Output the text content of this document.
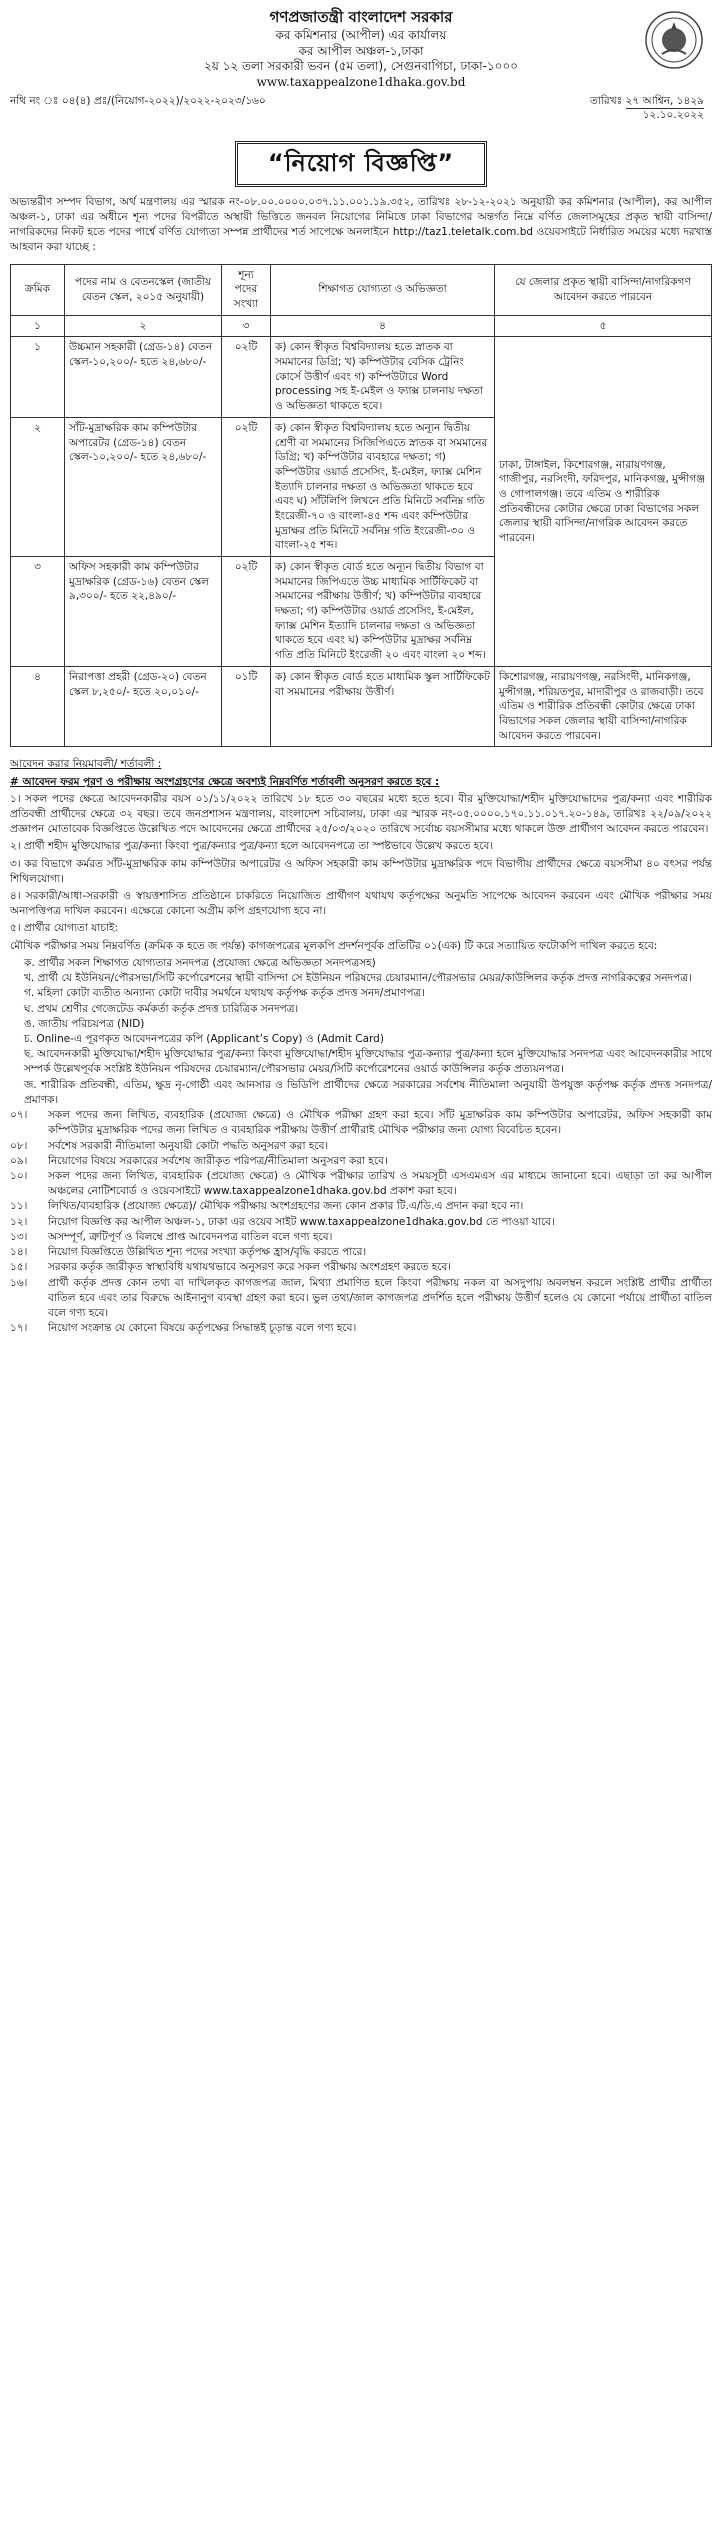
গণপ্রজাতন্ত্রী বাংলাদেশ সরকার
কর কমিশনার (আপীল) এর কার্যালয়
কর আপীল অঞ্চল-১,ঢাকা
২য় ১২ তলা সরকারী ভবন (৫ম তলা), সেগুনবাগিচা, ঢাকা-১০০০
www.taxappealzone1dhaka.gov.bd
নথি নং ঃ ০৪(৪) প্রঃ/(নিয়োগ-২০২২)/২০২২-২০২৩/১৬০	তারিখঃ ২৭ আশ্বিন, ১৪২৯
১২.১০.২০২২
“নিয়োগ বিজ্ঞপ্তি”

অভ্যন্তরীণ সম্পদ বিভাগ, অর্থ মন্ত্রণালয় এর স্মারক নং-০৮.০০.০০০০.০৩৭.১১.০০১.১৯.৩৫২, তারিখঃ ২৮-১২-২০২১ অনুযায়ী কর কমিশনার (আপীল), কর আপীল অঞ্চল-১, ঢাকা এর অধীনে শূন্য পদের বিপরীতে অস্থায়ী ভিত্তিতে জনবল নিয়োগের নিমিত্তে ঢাকা বিভাগের অন্তর্গত নিম্নে বর্ণিত জেলাসমূহের প্রকৃত স্থায়ী বাসিন্দা/নাগরিকদের নিকট হতে পদের পার্শ্বে বর্ণিত যোগ্যতা সম্পন্ন প্রার্থীদের শর্ত সাপেক্ষে অনলাইনে http://taz1.teletalk.com.bd ওয়েবসাইটে নির্ধারিত সময়ের মধ্যে দরখাস্ত আহবান করা যাচ্ছে :

ক্রমিক	পদের নাম ও বেতনস্কেল (জাতীয় বেতন স্কেল, ২০১৫ অনুযায়ী)	শূন্য পদের সংখ্যা	শিক্ষাগত যোগ্যতা ও অভিজ্ঞতা	যে জেলার প্রকৃত স্থায়ী বাসিন্দা/নাগরিকগণ আবেদন করতে পারবেন
১	২	৩	৪	৫
১	উচ্চমান সহকারী (গ্রেড-১৪) বেতন স্কেল-১০,২০০/- হতে ২৪,৬৮০/-	০২টি	ক) কোন স্বীকৃত বিশ্ববিদ্যালয় হতে স্নাতক বা সমমানের ডিগ্রি; খ) কম্পিউটার বেসিক ট্রেনিং কোর্সে উত্তীর্ণ এবং গ) কম্পিউটারে Word processing সহ ই-মেইল ও ফ্যাক্স চালনায় দক্ষতা ও অভিজ্ঞতা থাকতে হবে।	ঢাকা, টাঙ্গাইল, কিশোরগঞ্জ, নারায়ণগঞ্জ, গাজীপুর, নরসিংদী, ফরিদপুর, মানিকগঞ্জ, মুন্সীগঞ্জ ও গোপালগঞ্জ। তবে এতিম ও শারীরিক প্রতিবন্ধীদের কোটার ক্ষেত্রে ঢাকা বিভাগের সকল জেলার স্থায়ী বাসিন্দা/নাগরিক আবেদন করতে পারবেন।
২	সাঁট-মুদ্রাক্ষরিক কাম কম্পিউটার অপারেটর (গ্রেড-১৪) বেতন স্কেল-১০,২০০/- হতে ২৪,৬৮০/-	০২টি	ক) কোন স্বীকৃত বিশ্ববিদ্যালয় হতে অন্যূন দ্বিতীয় শ্রেণী বা সমমানের সিজিপিএতে স্নাতক বা সমমানের ডিগ্রি; খ) কম্পিউটার ব্যবহারে দক্ষতা; গ) কম্পিউটার ওয়ার্ড প্রসেসিং, ই-মেইল, ফ্যাক্স মেশিন ইত্যাদি চালনার দক্ষতা ও অভিজ্ঞতা থাকতে হবে এবং ঘ) সাঁটলিপি লিখনে প্রতি মিনিটে সর্বনিম্ন গতি ইংরেজী-৭০ ও বাংলা-৪৫ শব্দ এবং কম্পিউটার মুদ্রাক্ষর প্রতি মিনিটে সর্বনিম্ন গতি ইংরেজী-৩০ ও বাংলা-২৫ শব্দ।	
৩	অফিস সহকারী কাম কম্পিউটার মুদ্রাক্ষরিক (গ্রেড-১৬) বেতন স্কেল ৯,৩০০/- হতে ২২,৪৯০/-	০২টি	ক) কোন স্বীকৃত বোর্ড হতে অন্যূন দ্বিতীয় বিভাগ বা সমমানের জিপিএতে উচ্চ মাধ্যমিক সার্টিফিকেট বা সমমানের পরীক্ষায় উত্তীর্ণ; খ) কম্পিউটার ব্যবহারে দক্ষতা; গ) কম্পিউটার ওয়ার্ড প্রসেসিং, ই-মেইল, ফ্যাক্স মেশিন ইত্যাদি চালনার দক্ষতা ও অভিজ্ঞতা থাকতে হবে এবং ঘ) কম্পিউটার মুদ্রাক্ষর সর্বনিম্ন গতি প্রতি মিনিটে ইংরেজী ২০ এবং বাংলা ২০ শব্দ।	
৪	নিরাপত্তা প্রহরী (গ্রেড-২০) বেতন স্কেল ৮,২৫০/- হতে ২০,০১০/-	০১টি	ক) কোন স্বীকৃত বোর্ড হতে মাধ্যমিক স্কুল সার্টিফিকেট বা সমমানের পরীক্ষায় উত্তীর্ণ।	কিশোরগঞ্জ, নারায়ণগঞ্জ, নরসিংদী, মানিকগঞ্জ, মুন্সীগঞ্জ, শরিয়তপুর, মাদারীপুর ও রাজবাড়ী। তবে এতিম ও শারীরিক প্রতিবন্ধী কোটার ক্ষেত্রে ঢাকা বিভাগের সকল জেলার স্থায়ী বাসিন্দা/নাগরিক আবেদন করতে পারবেন।
আবেদন করার নিয়মাবলী/ শর্তাবলী :
# আবেদন ফরম পূরণ ও পরীক্ষায় অংশগ্রহণের ক্ষেত্রে অবশ্যই নিম্নবর্ণিত শর্তাবলী অনুসরণ করতে হবে :

১। সকল পদের ক্ষেত্রে আবেদনকারীর বয়স ০১/১১/২০২২ তারিখে ১৮ হতে ৩০ বছরের মধ্যে হতে হবে। বীর মুক্তিযোদ্ধা/শহীদ মুক্তিযোদ্ধাদের পুত্র/কন্যা এবং শারীরিক প্রতিবন্ধী প্রার্থীদের ক্ষেত্রে ৩২ বছর। তবে জনপ্রশাসন মন্ত্রণালয়, বাংলাদেশ সচিবালয়, ঢাকা এর স্মারক নং-০৫.০০০০.১৭০.১১.০১৭.২০-১৪৯, তারিখঃ ২২/০৯/২০২২ প্রজ্ঞাপন মোতাবেক বিজ্ঞপ্তিতে উল্লেখিত পদে আবেদনের ক্ষেত্রে প্রার্থীদের ২৫/০৩/২০২০ তারিখে সর্বোচ্চ বয়সসীমার মধ্যে থাকলে উক্ত প্রার্থীগণ আবেদন করতে পারবেন।

২। প্রার্থী শহীদ মুক্তিযোদ্ধার পুত্র/কন্যা কিংবা পুত্র/কন্যার পুত্র/কন্যা হলে আবেদনপত্রে তা স্পষ্টভাবে উল্লেখ করতে হবে।

৩। কর বিভাগে কর্মরত সাঁট-মুদ্রাক্ষরিক কাম কম্পিউটার অপারেটর ও অফিস সহকারী কাম কম্পিউটার মুদ্রাক্ষরিক পদে বিভাগীয় প্রার্থীদের ক্ষেত্রে বয়সসীমা ৪০ বৎসর পর্যন্ত শিথিলযোগ্য।

৪। সরকারী/আধা-সরকারী ও স্বায়ত্তশাসিত প্রতিষ্ঠানে চাকরিতে নিয়োজিত প্রার্থীগণ যথাযথ কর্তৃপক্ষের অনুমতি সাপেক্ষে আবেদন করবেন এবং মৌখিক পরীক্ষার সময় অনাপত্তিপত্র দাখিল করবেন। এক্ষেত্রে কোনো অগ্রীম কপি গ্রহণযোগ্য হবে না।

৫। প্রার্থীর যোগ্যতা যাচাই:

মৌখিক পরীক্ষার সময় নিম্নবর্ণিত (ক্রমিক ক হতে জ পর্যন্ত) কাগজপত্রের মূলকপি প্রদর্শনপূর্বক প্রতিটির ০১(এক) টি করে সত্যায়িত ফটোকপি দাখিল করতে হবে:

ক. প্রার্থীর সকল শিক্ষাগত যোগ্যতার সনদপত্র (প্রযোজ্য ক্ষেত্রে অভিজ্ঞতা সনদপত্রসহ)
খ. প্রার্থী যে ইউনিয়ন/পৌরসভা/সিটি কর্পোরেশনের স্থায়ী বাসিন্দা সে ইউনিয়ন পরিষদের চেয়ারম্যান/পৌরসভার মেয়র/কাউন্সিলর কর্তৃক প্রদত্ত নাগরিকত্বের সনদপত্র।
গ. মহিলা কোটা ব্যতীত অন্যান্য কোটা দাবীর সমর্থনে যথাযথ কর্তৃপক্ষ কর্তৃক প্রদত্ত সনদ/প্রমাণপত্র।
ঘ. প্রথম শ্রেণীর গেজেটেড কর্মকর্তা কর্তৃক প্রদত্ত চারিত্রিক সনদপত্র।
ঙ. জাতীয় পরিচয়পত্র (NID)
চ. Online-এ পূরণকৃত আবেদনপত্রের কপি (Applicant’s Copy) ও (Admit Card)
ছ. আবেদনকারী মুক্তিযোদ্ধা/শহীদ মুক্তিযোদ্ধার পুত্র/কন্যা কিংবা মুক্তিযোদ্ধা/শহীদ মুক্তিযোদ্ধার পুত্র-কন্যার পুত্র/কন্যা হলে মুক্তিযোদ্ধার সনদপত্র এবং আবেদনকারীর সাথে সম্পর্ক উল্লেখপূর্বক সংশ্লিষ্ট ইউনিয়ন পরিষদের চেয়ারম্যান/পৌরসভার মেয়র/সিটি কর্পোরেশনের ওয়ার্ড কাউন্সিলর কর্তৃক প্রত্যয়নপত্র।
জ. শারীরিক প্রতিবন্ধী, এতিম, ক্ষুদ্র নৃ-গোষ্ঠী এবং আনসার ও ভিডিপি প্রার্থীদের ক্ষেত্রে সরকারের সর্বশেষ নীতিমালা অনুযায়ী উপযুক্ত কর্তৃপক্ষ কর্তৃক প্রদত্ত সনদপত্র/প্রমাণক।
০৭।	সকল পদের জন্য লিখিত, ব্যবহারিক (প্রযোজ্য ক্ষেত্রে) ও মৌখিক পরীক্ষা গ্রহণ করা হবে। সাঁট মুদ্রাক্ষরিক কাম কম্পিউটার অপারেটর, অফিস সহকারী কাম কম্পিউটার মুদ্রাক্ষরিক পদের জন্য লিখিত ও ব্যবহারিক পরীক্ষায় উত্তীর্ণ প্রার্থীরাই মৌখিক পরীক্ষার জন্য যোগ্য বিবেচিত হবেন।
০৮।	সর্বশেষ সরকারী নীতিমালা অনুযায়ী কোটা পদ্ধতি অনুসরণ করা হবে।
০৯।	নিয়োগের বিষয়ে সরকারের সর্বশেষ জারীকৃত পরিপত্র/নীতিমালা অনুসরণ করা হবে।
১০।	সকল পদের জন্য লিখিত, ব্যবহারিক (প্রযোজ্য ক্ষেত্রে) ও মৌখিক পরীক্ষার তারিখ ও সময়সূচী এসএমএস এর মাধ্যমে জানানো হবে। এছাড়া তা কর আপীল অঞ্চলের নোটিশবোর্ড ও ওয়েবসাইটে www.taxappealzone1dhaka.gov.bd প্রকাশ করা হবে।
১১।	লিখিত/ব্যবহারিক (প্রযোজ্য ক্ষেত্রে)/ মৌখিক পরীক্ষায় অংশগ্রহণের জন্য কোন প্রকার টি.এ/ডি.এ প্রদান করা হবে না।
১২।	নিয়োগ বিজ্ঞপ্তি কর আপীল অঞ্চল-১, ঢাকা এর ওয়েব সাইট www.taxappealzone1dhaka.gov.bd তে পাওয়া যাবে।
১৩।	অসম্পূর্ণ, ত্রুটিপূর্ণ ও বিলম্বে প্রাপ্ত আবেদনপত্র বাতিল বলে গণ্য হবে।
১৪।	নিয়োগ বিজ্ঞপ্তিতে উল্লিখিত শূন্য পদের সংখ্যা কর্তৃপক্ষ হ্রাস/বৃদ্ধি করতে পারে।
১৫।	সরকার কর্তৃক জারীকৃত স্বাস্থ্যবিধি যথাযথভাবে অনুসরণ করে সকল পরীক্ষায় অংশগ্রহণ করতে হবে।
১৬।	প্রার্থী কর্তৃক প্রদত্ত কোন তথ্য বা দাখিলকৃত কাগজপত্র জাল, মিথ্যা প্রমাণিত হলে কিংবা পরীক্ষায় নকল বা অসদুপায় অবলম্বন করলে সংশ্লিষ্ট প্রার্থীর প্রার্থীতা বাতিল হবে এবং তার বিরুদ্ধে আইনানুগ ব্যবস্থা গ্রহণ করা হবে। ভুল তথ্য/জাল কাগজপত্র প্রদর্শিত হলে পরীক্ষায় উত্তীর্ণ হলেও যে কোনো পর্যায়ে প্রার্থীতা বাতিল বলে গণ্য হবে।
১৭।	নিয়োগ সংক্রান্ত যে কোনো বিষয়ে কর্তৃপক্ষের সিদ্ধান্তই চূড়ান্ত বলে গণ্য হবে।
